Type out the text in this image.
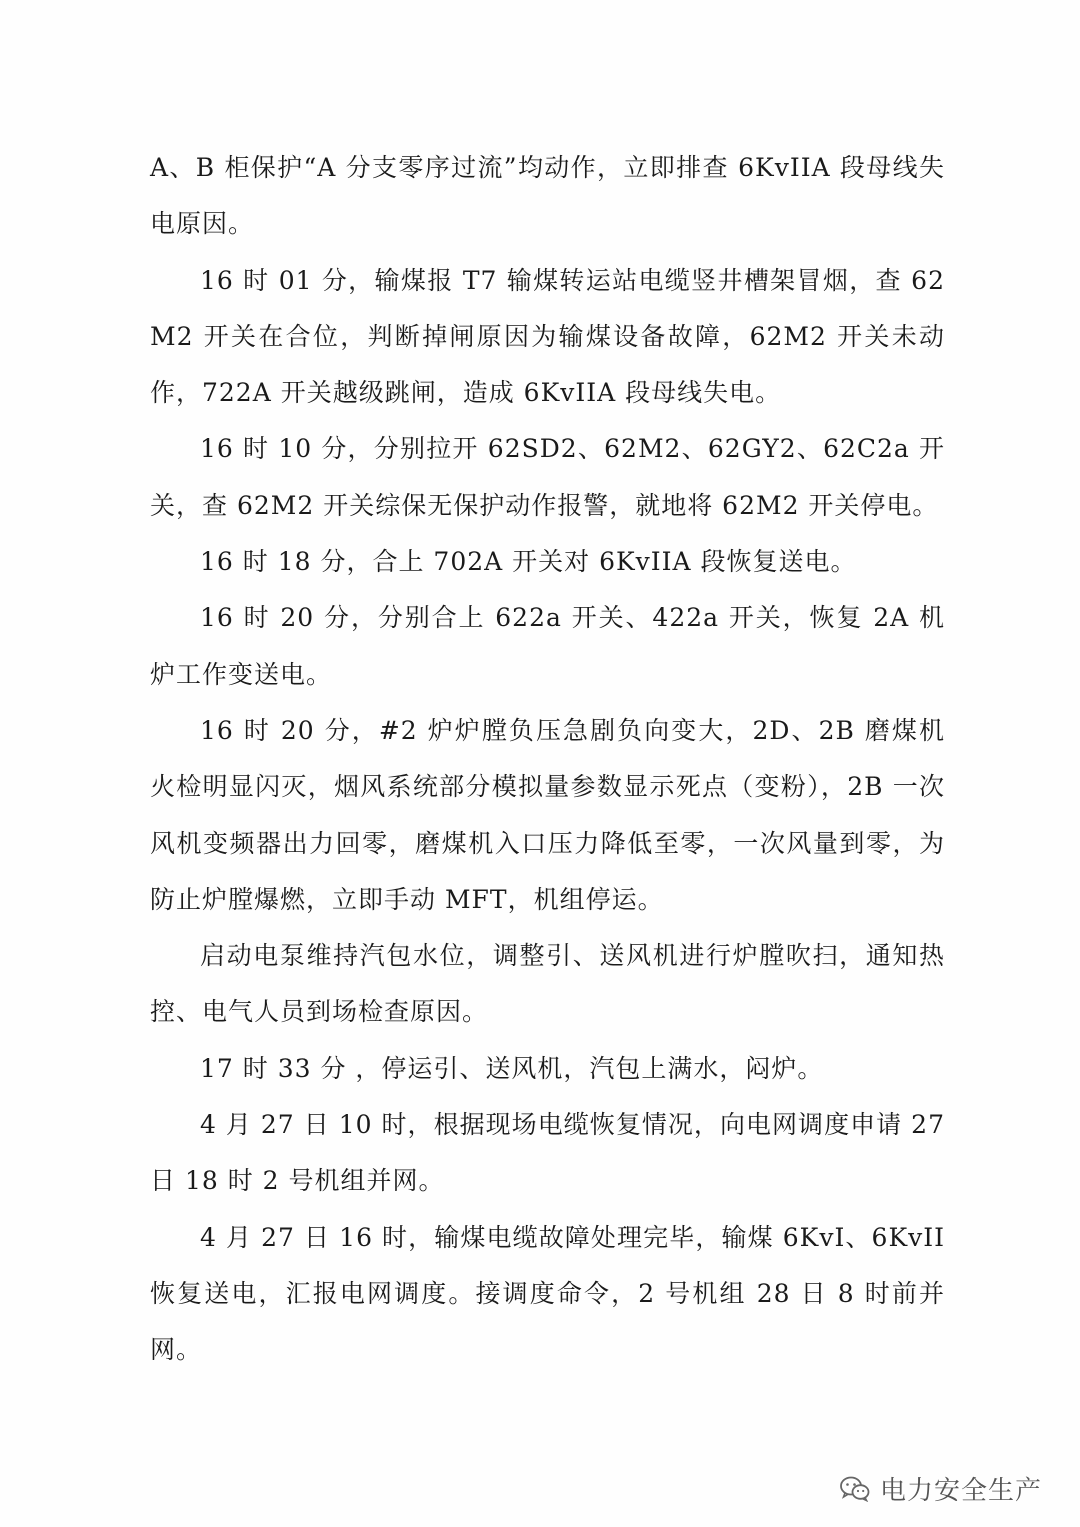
A、B 柜保护“A 分支零序过流”均动作，立即排查 6KvIIA 段母线失电原因。

16 时 01 分，输煤报 T7 输煤转运站电缆竖井槽架冒烟，查 62M2 开关在合位，判断掉闸原因为输煤设备故障，62M2 开关未动作，722A 开关越级跳闸，造成 6KvIIA 段母线失电。

16 时 10 分，分别拉开 62SD2、62M2、62GY2、62C2a 开关，查 62M2 开关综保无保护动作报警，就地将 62M2 开关停电。

16 时 18 分，合上 702A 开关对 6KvIIA 段恢复送电。

16 时 20 分，分别合上 622a 开关、422a 开关，恢复 2A 机炉工作变送电。

16 时 20 分，#2 炉炉膛负压急剧负向变大，2D、2B 磨煤机火检明显闪灭，烟风系统部分模拟量参数显示死点（变粉），2B 一次风机变频器出力回零，磨煤机入口压力降低至零，一次风量到零，为防止炉膛爆燃，立即手动 MFT，机组停运。

启动电泵维持汽包水位，调整引、送风机进行炉膛吹扫，通知热控、电气人员到场检查原因。

17 时 33 分 ，停运引、送风机，汽包上满水，闷炉。

4 月 27 日 10 时，根据现场电缆恢复情况，向电网调度申请 27 日 18 时 2 号机组并网。

4 月 27 日 16 时，输煤电缆故障处理完毕，输煤 6KvI、6KvII 恢复送电，汇报电网调度。接调度命令，2 号机组 28 日 8 时前并网。

电力安全生产
